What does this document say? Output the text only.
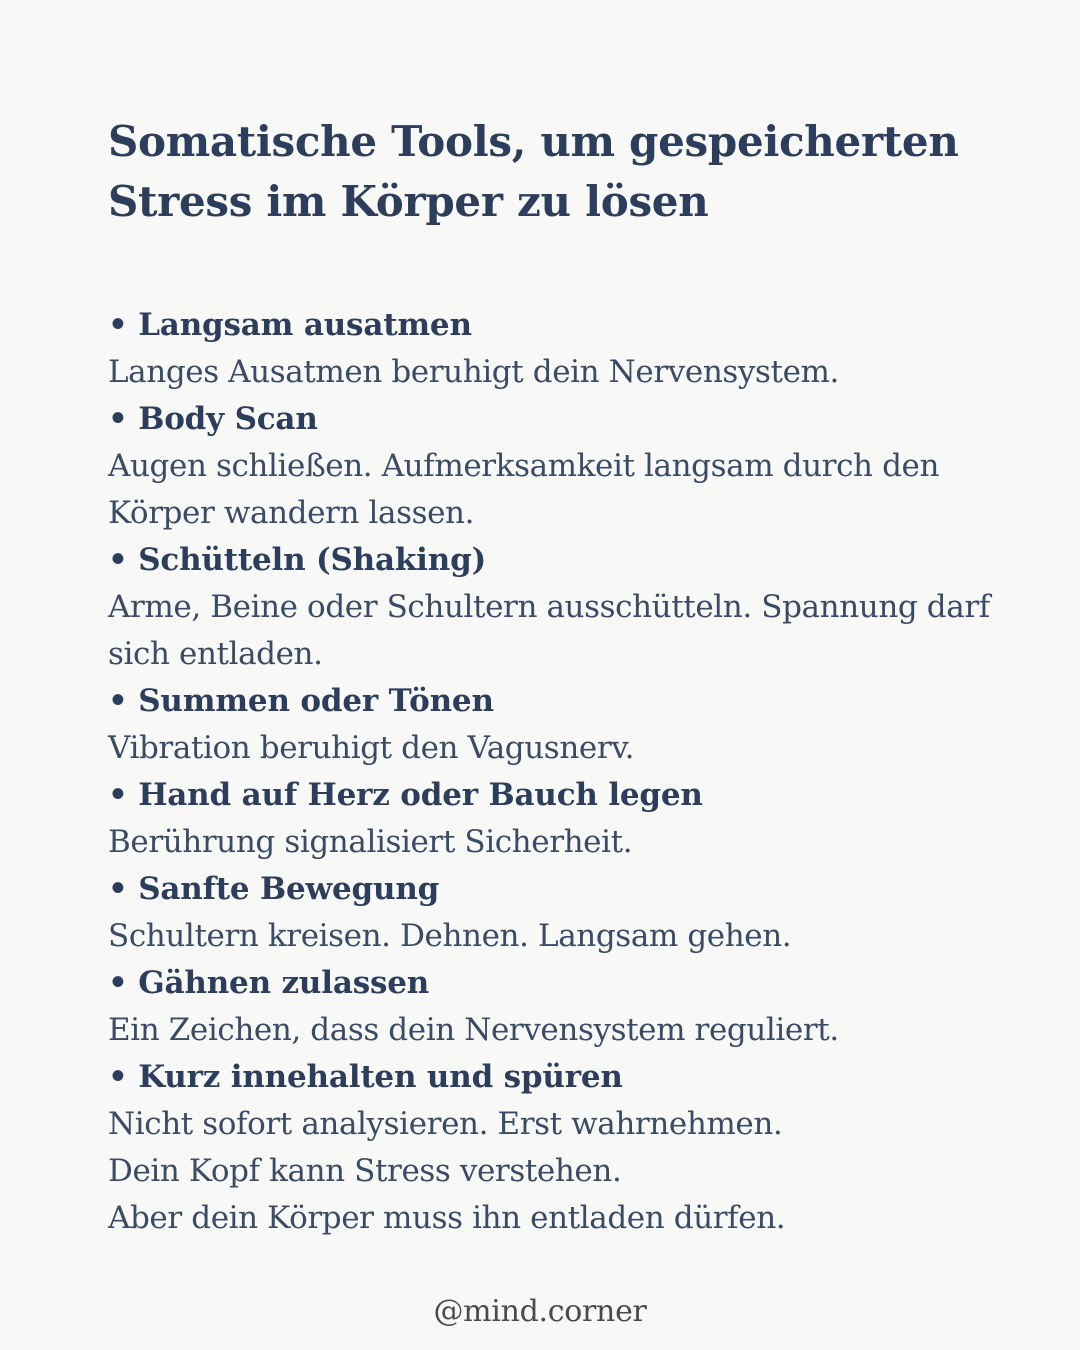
Somatische Tools, um gespeicherten
Stress im Körper zu lösen
• Langsam ausatmen
Langes Ausatmen beruhigt dein Nervensystem.
• Body Scan
Augen schließen. Aufmerksamkeit langsam durch den Körper wandern lassen.
• Schütteln (Shaking)
Arme, Beine oder Schultern ausschütteln. Spannung darf sich entladen.
• Summen oder Tönen
Vibration beruhigt den Vagusnerv.
• Hand auf Herz oder Bauch legen
Berührung signalisiert Sicherheit.
• Sanfte Bewegung
Schultern kreisen. Dehnen. Langsam gehen.
• Gähnen zulassen
Ein Zeichen, dass dein Nervensystem reguliert.
• Kurz innehalten und spüren
Nicht sofort analysieren. Erst wahrnehmen.

Dein Kopf kann Stress verstehen.
Aber dein Körper muss ihn entladen dürfen.

@mind.corner
